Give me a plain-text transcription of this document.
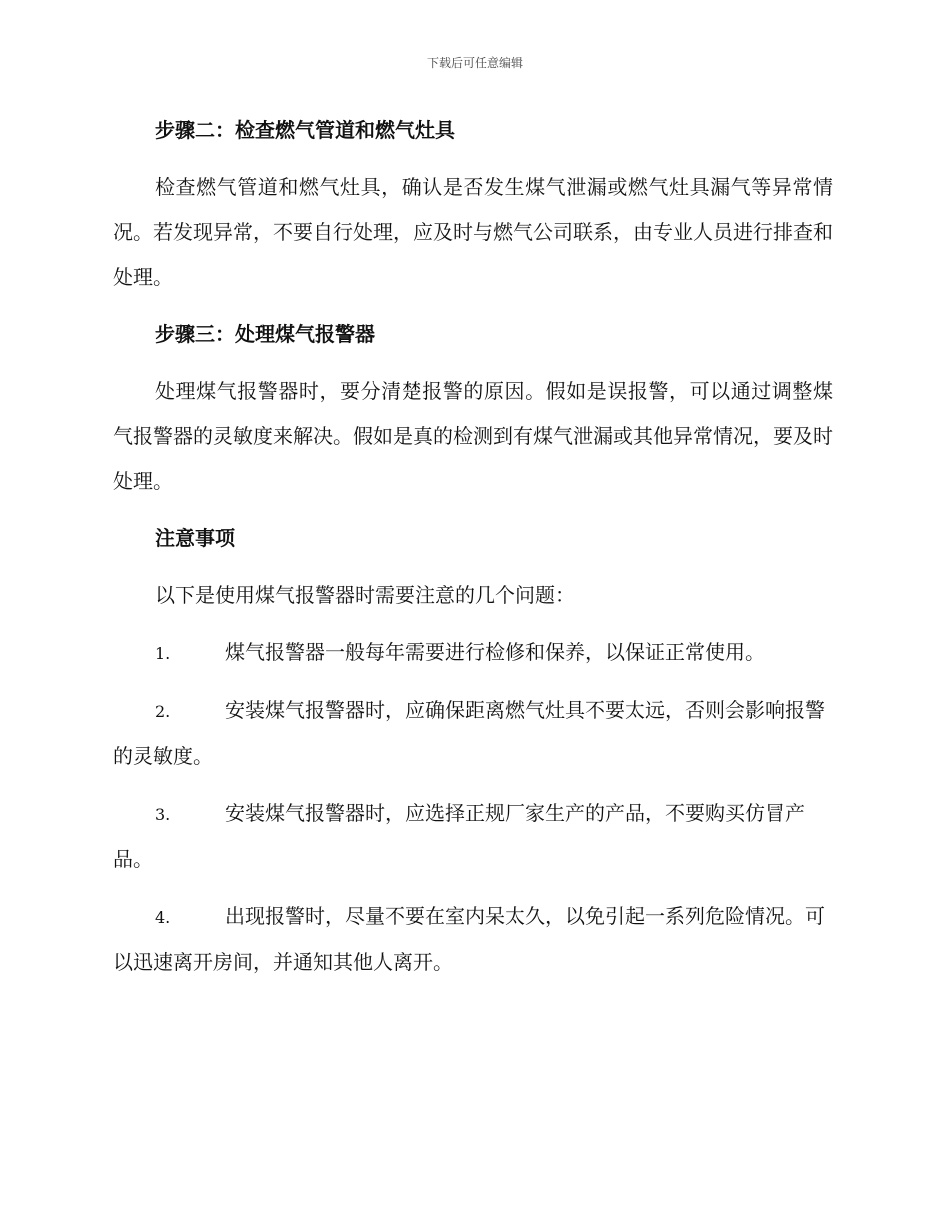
下载后可任意编辑
步骤二：检查燃气管道和燃气灶具
检查燃气管道和燃气灶具，确认是否发生煤气泄漏或燃气灶具漏气等异常情况。若发现异常，不要自行处理，应及时与燃气公司联系，由专业人员进行排查和处理。
步骤三：处理煤气报警器
处理煤气报警器时，要分清楚报警的原因。假如是误报警，可以通过调整煤气报警器的灵敏度来解决。假如是真的检测到有煤气泄漏或其他异常情况，要及时处理。
注意事项
以下是使用煤气报警器时需要注意的几个问题：
1.	煤气报警器一般每年需要进行检修和保养，以保证正常使用。
2.	安装煤气报警器时，应确保距离燃气灶具不要太远，否则会影响报警的灵敏度。
3.	安装煤气报警器时，应选择正规厂家生产的产品，不要购买仿冒产品。
4.	出现报警时，尽量不要在室内呆太久，以免引起一系列危险情况。可以迅速离开房间，并通知其他人离开。
